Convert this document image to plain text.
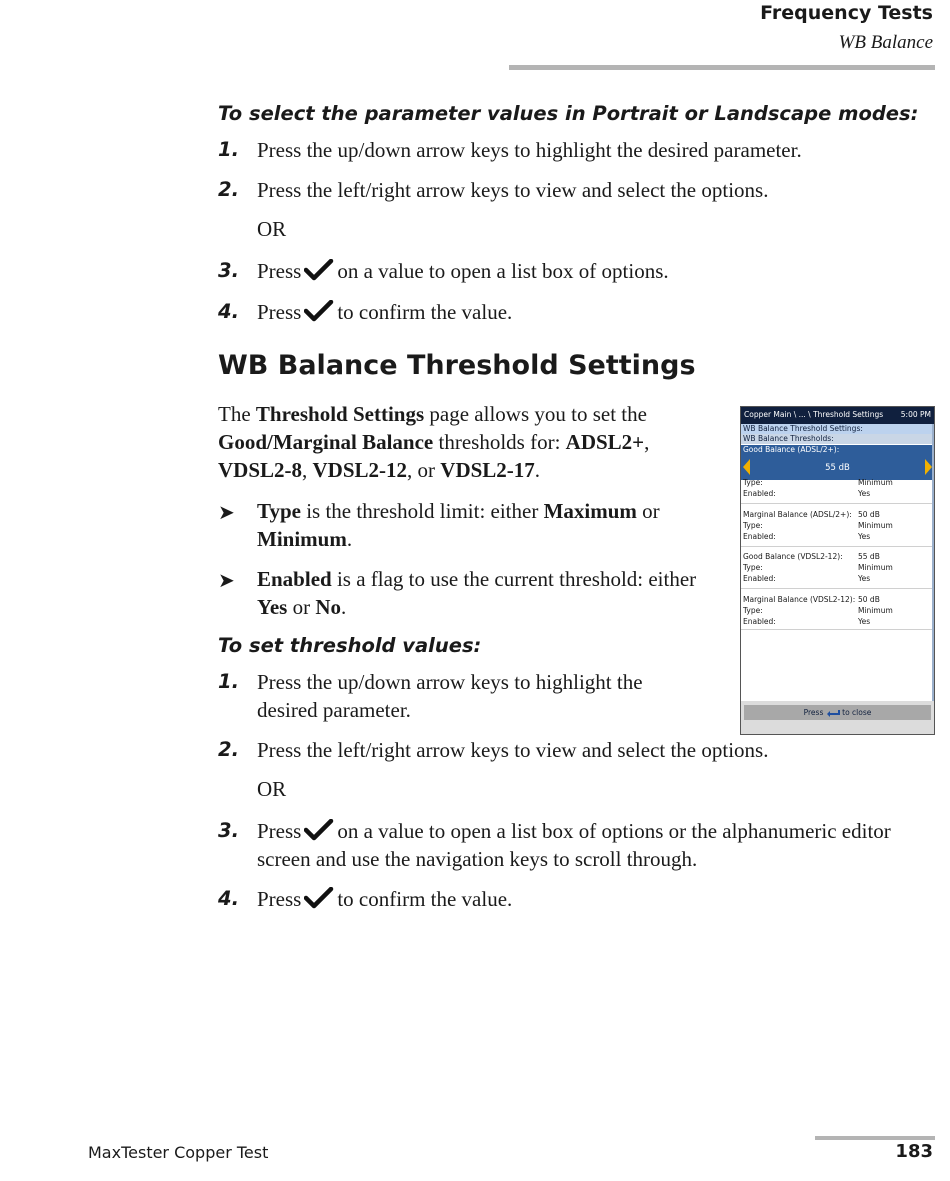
Frequency Tests
WB Balance
To select the parameter values in Portrait or Landscape modes:
1. Press the up/down arrow keys to highlight the desired parameter.
2. Press the left/right arrow keys to view and select the options.
OR
3. Press on a value to open a list box of options.
4. Press to confirm the value.
WB Balance Threshold Settings
The Threshold Settings page allows you to set the Good/Marginal Balance thresholds for: ADSL2+, VDSL2-8, VDSL2-12, or VDSL2-17.
➤ Type is the threshold limit: either Maximum or Minimum.
➤ Enabled is a flag to use the current threshold: either Yes or No.
To set threshold values:
1. Press the up/down arrow keys to highlight the desired parameter.
2. Press the left/right arrow keys to view and select the options.
OR
3. Press on a value to open a list box of options or the alphanumeric editor screen and use the navigation keys to scroll through.
4. Press to confirm the value.
Copper Main \ ... \ Threshold Settings 5:00 PM
WB Balance Threshold Settings:
WB Balance Thresholds:
Good Balance (ADSL/2+):
55 dB
Type:	Minimum
Enabled:	Yes
Marginal Balance (ADSL/2+): 50 dB
Type:	Minimum
Enabled:	Yes
Good Balance (VDSL2-12): 55 dB
Type:	Minimum
Enabled:	Yes
Marginal Balance (VDSL2-12): 50 dB
Type:	Minimum
Enabled:	Yes
Press	to close
MaxTester Copper Test	183
